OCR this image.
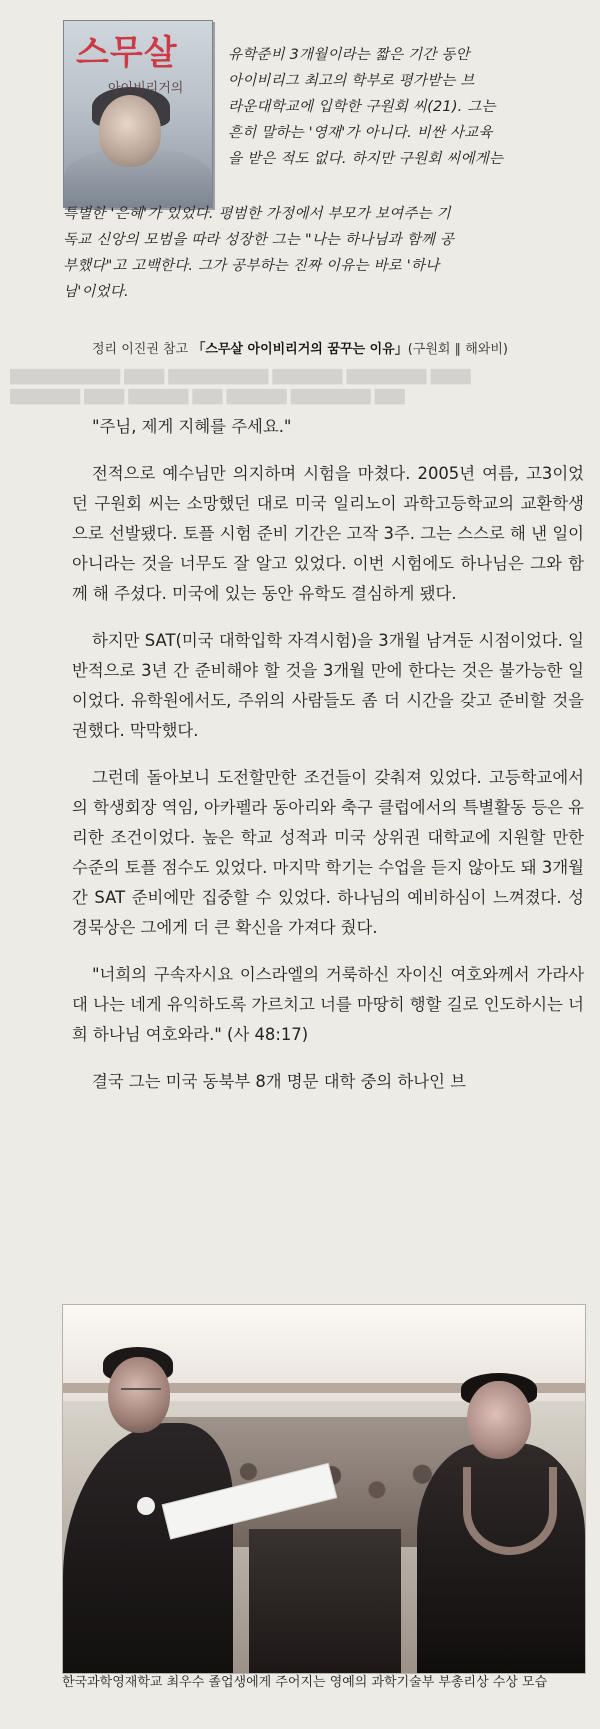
스무살
아이비리거의
유학준비 3개월이라는 짧은 기간 동안
아이비리그 최고의 학부로 평가받는 브
라운대학교에 입학한 구원회 씨(21). 그는
흔히 말하는 '영재'가 아니다. 비싼 사교육
을 받은 적도 없다. 하지만 구원회 씨에게는
특별한 '은혜'가 있었다. 평범한 가정에서 부모가 보여주는 기
독교 신앙의 모범을 따라 성장한 그는 "나는 하나님과 함께 공
부했다"고 고백한다. 그가 공부하는 진짜 이유는 바로 '하나
님'이었다.
정리 이진권 참고 「스무살 아이비리거의 꿈꾸는 이유」(구원회 ∥ 해와비)
███████████ ████ ██████████ ███████ ████████ ████
███████ ████ ██████ ███ ██████ ████████ ███

"주님, 제게 지혜를 주세요."

전적으로 예수님만 의지하며 시험을 마쳤다. 2005년 여름, 고3이었던 구원회 씨는 소망했던 대로 미국 일리노이 과학고등학교의 교환학생으로 선발됐다. 토플 시험 준비 기간은 고작 3주. 그는 스스로 해 낸 일이 아니라는 것을 너무도 잘 알고 있었다. 이번 시험에도 하나님은 그와 함께 해 주셨다. 미국에 있는 동안 유학도 결심하게 됐다.

하지만 SAT(미국 대학입학 자격시험)을 3개월 남겨둔 시점이었다. 일반적으로 3년 간 준비해야 할 것을 3개월 만에 한다는 것은 불가능한 일이었다. 유학원에서도, 주위의 사람들도 좀 더 시간을 갖고 준비할 것을 권했다. 막막했다.

그런데 돌아보니 도전할만한 조건들이 갖춰져 있었다. 고등학교에서의 학생회장 역임, 아카펠라 동아리와 축구 클럽에서의 특별활동 등은 유리한 조건이었다. 높은 학교 성적과 미국 상위권 대학교에 지원할 만한 수준의 토플 점수도 있었다. 마지막 학기는 수업을 듣지 않아도 돼 3개월간 SAT 준비에만 집중할 수 있었다. 하나님의 예비하심이 느껴졌다. 성경묵상은 그에게 더 큰 확신을 가져다 줬다.

"너희의 구속자시요 이스라엘의 거룩하신 자이신 여호와께서 가라사대 나는 네게 유익하도록 가르치고 너를 마땅히 행할 길로 인도하시는 너희 하나님 여호와라." (사 48:17)

결국 그는 미국 동북부 8개 명문 대학 중의 하나인 브

한국과학영재학교 최우수 졸업생에게 주어지는 영예의 과학기술부 부총리상 수상 모습
